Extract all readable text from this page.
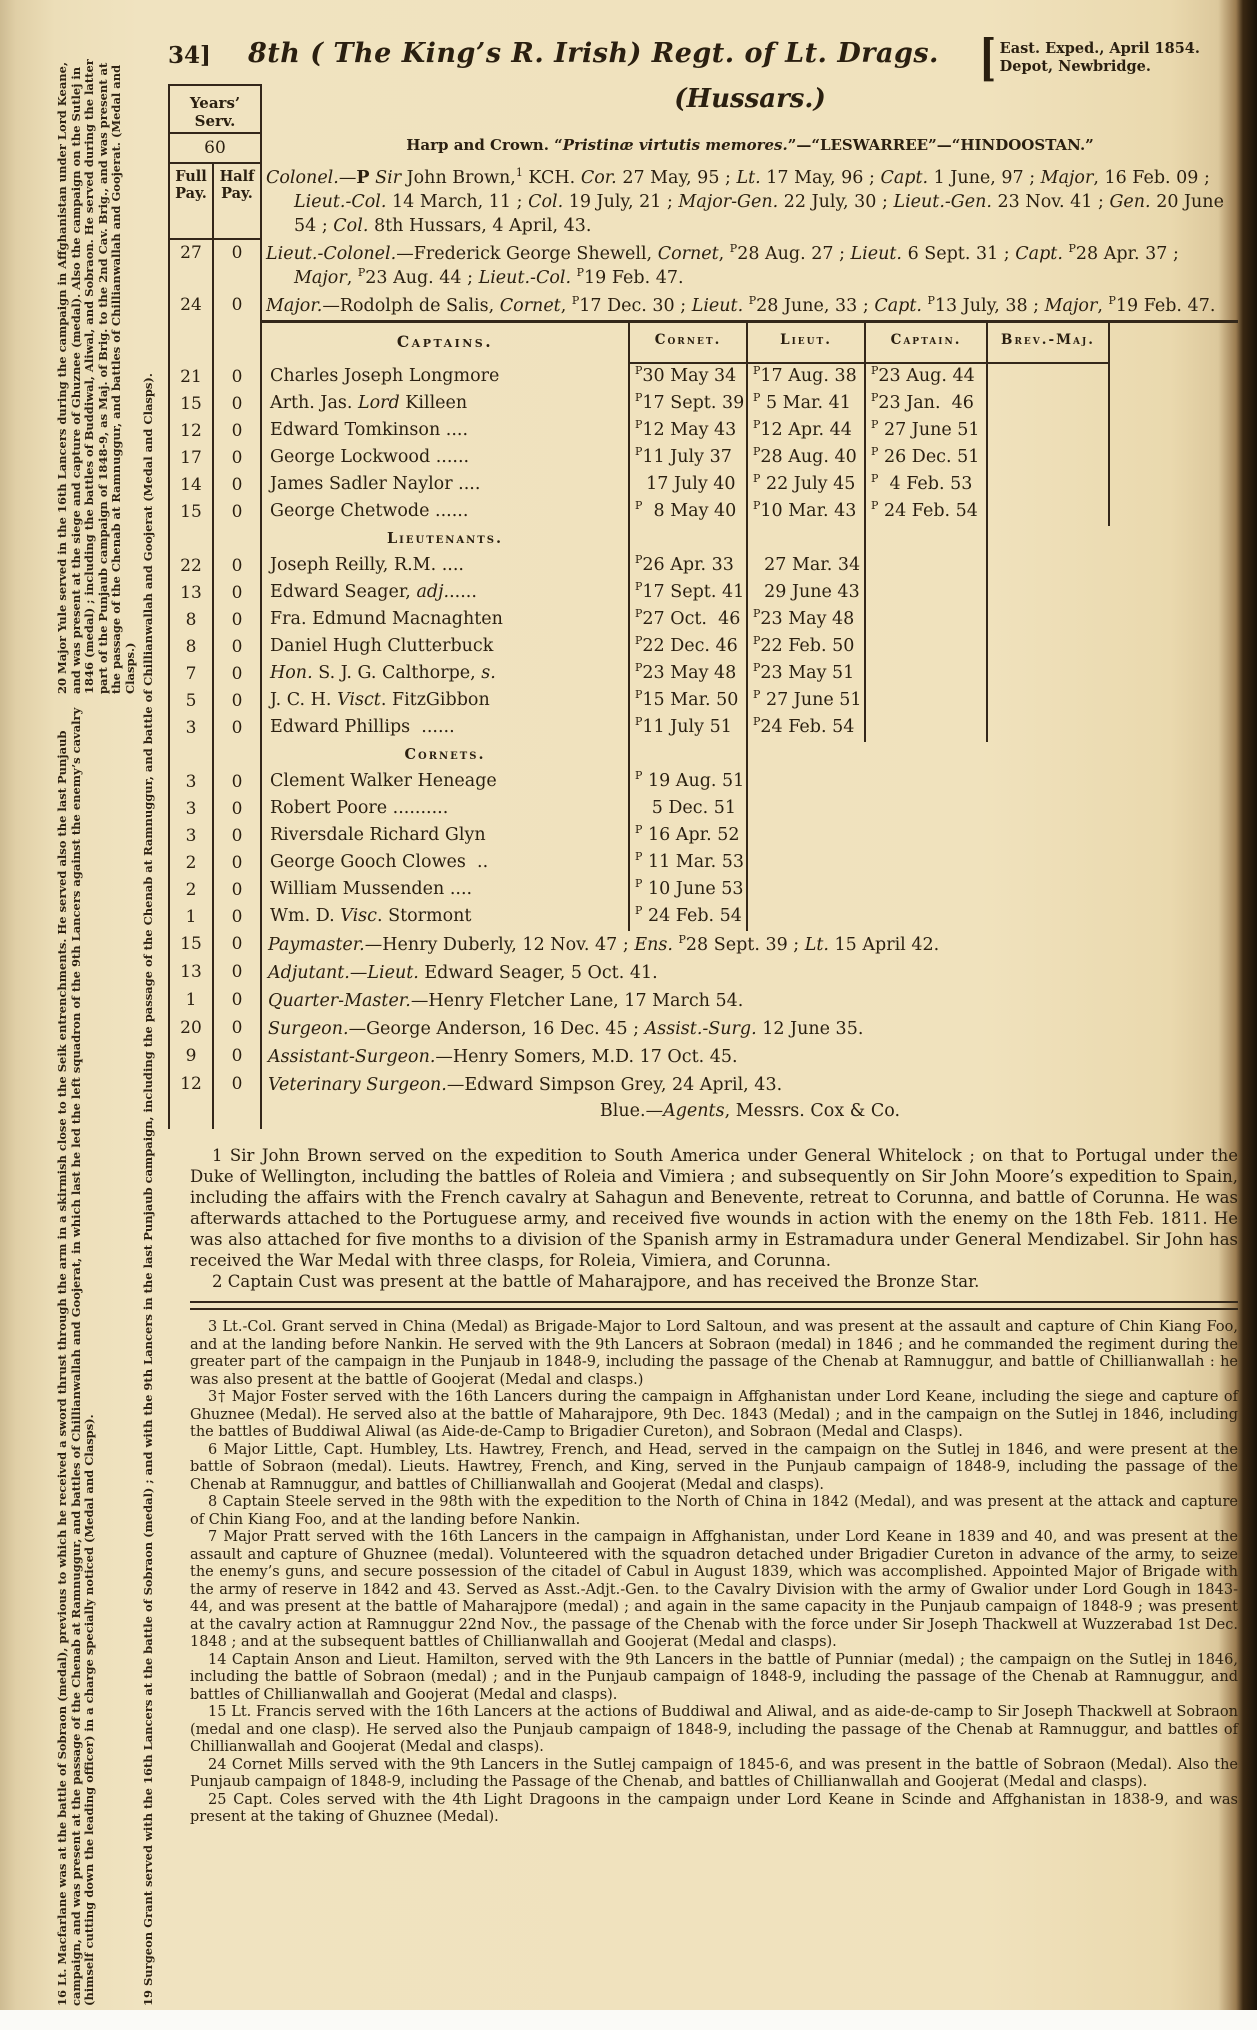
16 Lt. Macfarlane was at the battle of Sobraon (medal), previous to which he received a sword thrust through the arm in a skirmish close to the Seik entrenchments. He served also the last Punjaub campaign, and was present at the passage of the Chenab at Ramnuggur, and battles of Chillianwallah and Goojerat, in which last he led the left squadron of the 9th Lancers against the enemy’s cavalry (himself cutting down the leading officer) in a charge specially noticed (Medal and Clasps).	19 Surgeon Grant served with the 16th Lancers at the battle of Sobraon (medal) ; and with the 9th Lancers in the last Punjaub campaign, including the passage of the Chenab at Ramnuggur, and battle of Chillianwallah and Goojerat (Medal and Clasps).
20 Major Yule served in the 16th Lancers during the campaign in Affghanistan under Lord Keane, and was present at the siege and capture of Ghuznee (medal). Also the campaign on the Sutlej in 1846 (medal) ; including the battles of Buddiwal, Aliwal, and Sobraon. He served during the latter part of the Punjaub campaign of 1848-9, as Maj. of Brig. to the 2nd Cav. Brig., and was present at the passage of the Chenab at Ramnuggur, and battles of Chillianwallah and Goojerat. (Medal and Clasps.)
34]	8th ( The King’s R. Irish) Regt. of Lt. Drags. [ East. Exped., April 1854.
Depot, Newbridge.
Years’ Serv.
(Hussars.)
60	Harp and Crown. “Pristinæ virtutis memores.”—“LESWARREE”—“HINDOOSTAN.”
Full Pay.
Half Pay.
Colonel.—P Sir John Brown,$^1$ KCH. Cor. 27 May, 95 ; Lt. 17 May, 96 ; Capt. 1 June, 97 ; Major, 16 Feb. 09 ; Lieut.-Col. 14 March, 11 ; Col. 19 July, 21 ; Major-Gen. 22 July, 30 ; Lieut.-Gen. 23 Nov. 41 ; Gen. 20 June 54 ; Col. 8th Hussars, 4 April, 43.
27	0	Lieut.-Colonel.—Frederick George Shewell, Cornet, $^P$28 Aug. 27 ; Lieut. 6 Sept. 31 ; Capt. $^P$28 Apr. 37 ; Major, $^P$23 Aug. 44 ; Lieut.-Col. $^P$19 Feb. 47.
24	0	Major.—Rodolph de Salis, Cornet, $^P$17 Dec. 30 ; Lieut. $^P$28 June, 33 ; Capt. $^P$13 July, 38 ; Major, $^P$19 Feb. 47.
Captains.	Cornet.	Lieut.	Captain.	Brev.-Maj.
21	0	Charles Joseph Longmore	$^P$30 May 34	$^P$17 Aug. 38	$^P$23 Aug. 44
15	0	Arth. Jas. Lord Killeen	$^P$17 Sept. 39 $^P$ 5 Mar. 41	$^P$23 Jan.  46
12	0	Edward Tomkinson ....	$^P$12 May 43	$^P$12 Apr. 44	$^P$ 27 June 51
17	0	George Lockwood ......	$^P$11 July 37	$^P$28 Aug. 40	$^P$ 26 Dec. 51
14	0	James Sadler Naylor ....	17 July 40	$^P$ 22 July 45	$^P$  4 Feb. 53
15	0	George Chetwode ......	$^P$  8 May 40	$^P$10 Mar. 43	$^P$ 24 Feb. 54
Lieutenants.
22	0	Joseph Reilly, R.M. ....	$^P$26 Apr. 33	27 Mar. 34
13	0	Edward Seager, adj......	$^P$17 Sept. 41 29 June 43
8	0	Fra. Edmund Macnaghten	$^P$27 Oct.  46	$^P$23 May 48
8	0	Daniel Hugh Clutterbuck	$^P$22 Dec. 46	$^P$22 Feb. 50
7	0	Hon. S. J. G. Calthorpe, s.	$^P$23 May 48	$^P$23 May 51
5	0	J. C. H. Visct. FitzGibbon	$^P$15 Mar. 50	$^P$ 27 June 51
3	0	Edward Phillips  ......	$^P$11 July 51	$^P$24 Feb. 54
Cornets.
3	0	Clement Walker Heneage	$^P$ 19 Aug. 51
3	0	Robert Poore ..........	5 Dec. 51
3	0	Riversdale Richard Glyn	$^P$ 16 Apr. 52
2	0	George Gooch Clowes  ..	$^P$ 11 Mar. 53
2	0	William Mussenden ....	$^P$ 10 June 53
1	0	Wm. D. Visc. Stormont	$^P$ 24 Feb. 54
15	0	Paymaster.—Henry Duberly, 12 Nov. 47 ; Ens. $^P$28 Sept. 39 ; Lt. 15 April 42.
13	0	Adjutant.—Lieut. Edward Seager, 5 Oct. 41.
1	0	Quarter-Master.—Henry Fletcher Lane, 17 March 54.
20	0	Surgeon.—George Anderson, 16 Dec. 45 ; Assist.-Surg. 12 June 35.
9	0	Assistant-Surgeon.—Henry Somers, M.D. 17 Oct. 45.
12	0	Veterinary Surgeon.—Edward Simpson Grey, 24 April, 43.
Blue.—Agents, Messrs. Cox & Co.

1 Sir John Brown served on the expedition to South America under General Whitelock ; on that to Portugal under the Duke of Wellington, including the battles of Roleia and Vimiera ; and subsequently on Sir John Moore’s expedition to Spain, including the affairs with the French cavalry at Sahagun and Benevente, retreat to Corunna, and battle of Corunna. He was afterwards attached to the Portuguese army, and received five wounds in action with the enemy on the 18th Feb. 1811. He was also attached for five months to a division of the Spanish army in Estramadura under General Mendizabel. Sir John has received the War Medal with three clasps, for Roleia, Vimiera, and Corunna.

2 Captain Cust was present at the battle of Maharajpore, and has received the Bronze Star.

3 Lt.-Col. Grant served in China (Medal) as Brigade-Major to Lord Saltoun, and was present at the assault and capture of Chin Kiang Foo, and at the landing before Nankin. He served with the 9th Lancers at Sobraon (medal) in 1846 ; and he commanded the regiment during the greater part of the campaign in the Punjaub in 1848-9, including the passage of the Chenab at Ramnuggur, and battle of Chillianwallah : he was also present at the battle of Goojerat (Medal and clasps.)

3† Major Foster served with the 16th Lancers during the campaign in Affghanistan under Lord Keane, including the siege and capture of Ghuznee (Medal). He served also at the battle of Maharajpore, 9th Dec. 1843 (Medal) ; and in the campaign on the Sutlej in 1846, including the battles of Buddiwal Aliwal (as Aide-de-Camp to Brigadier Cureton), and Sobraon (Medal and Clasps).

6 Major Little, Capt. Humbley, Lts. Hawtrey, French, and Head, served in the campaign on the Sutlej in 1846, and were present at the battle of Sobraon (medal). Lieuts. Hawtrey, French, and King, served in the Punjaub campaign of 1848-9, including the passage of the Chenab at Ramnuggur, and battles of Chillianwallah and Goojerat (Medal and clasps).

8 Captain Steele served in the 98th with the expedition to the North of China in 1842 (Medal), and was present at the attack and capture of Chin Kiang Foo, and at the landing before Nankin.

7 Major Pratt served with the 16th Lancers in the campaign in Affghanistan, under Lord Keane in 1839 and 40, and was present at the assault and capture of Ghuznee (medal). Volunteered with the squadron detached under Brigadier Cureton in advance of the army, to seize the enemy’s guns, and secure possession of the citadel of Cabul in August 1839, which was accomplished. Appointed Major of Brigade with the army of reserve in 1842 and 43. Served as Asst.-Adjt.-Gen. to the Cavalry Division with the army of Gwalior under Lord Gough in 1843-44, and was present at the battle of Maharajpore (medal) ; and again in the same capacity in the Punjaub campaign of 1848-9 ; was present at the cavalry action at Ramnuggur 22nd Nov., the passage of the Chenab with the force under Sir Joseph Thackwell at Wuzzerabad 1st Dec. 1848 ; and at the subsequent battles of Chillianwallah and Goojerat (Medal and clasps).

14 Captain Anson and Lieut. Hamilton, served with the 9th Lancers in the battle of Punniar (medal) ; the campaign on the Sutlej in 1846, including the battle of Sobraon (medal) ; and in the Punjaub campaign of 1848-9, including the passage of the Chenab at Ramnuggur, and battles of Chillianwallah and Goojerat (Medal and clasps).

15 Lt. Francis served with the 16th Lancers at the actions of Buddiwal and Aliwal, and as aide-de-camp to Sir Joseph Thackwell at Sobraon (medal and one clasp). He served also the Punjaub campaign of 1848-9, including the passage of the Chenab at Ramnuggur, and battles of Chillianwallah and Goojerat (Medal and clasps).

24 Cornet Mills served with the 9th Lancers in the Sutlej campaign of 1845-6, and was present in the battle of Sobraon (Medal). Also the Punjaub campaign of 1848-9, including the Passage of the Chenab, and battles of Chillianwallah and Goojerat (Medal and clasps).

25 Capt. Coles served with the 4th Light Dragoons in the campaign under Lord Keane in Scinde and Affghanistan in 1838-9, and was present at the taking of Ghuznee (Medal).
